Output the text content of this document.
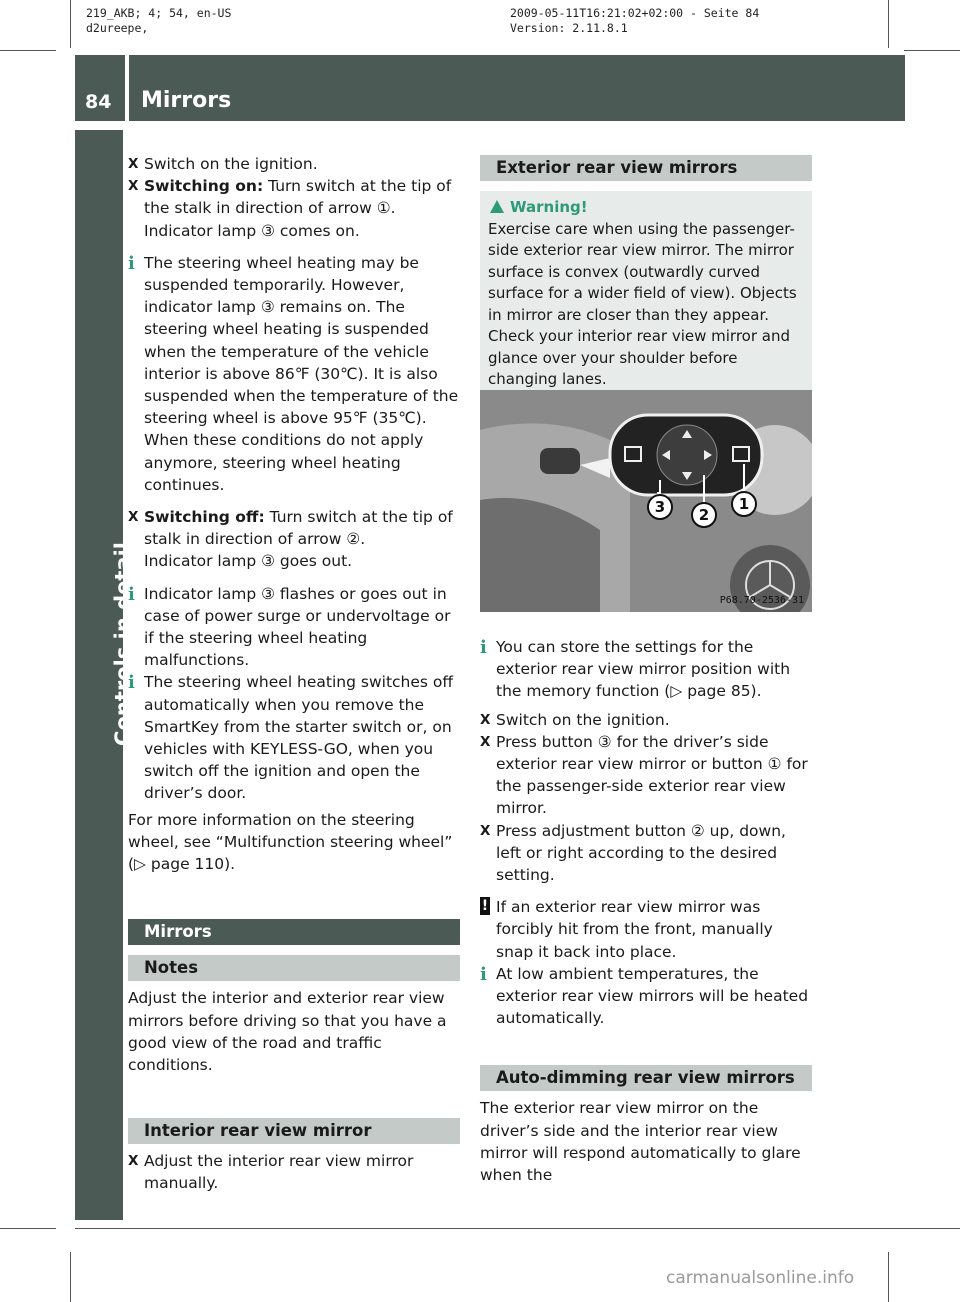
219_AKB; 4; 54, en-US
d2ureepe,
2009-05-11T16:21:02+02:00 - Seite 84
Version: 2.11.8.1
84 Mirrors
Controls in detail

X Switch on the ignition.

X Switching on: Turn switch at the tip of the stalk in direction of arrow ①.

Indicator lamp ③ comes on.

i The steering wheel heating may be suspended temporarily. However, indicator lamp ③ remains on. The steering wheel heating is suspended when the temperature of the vehicle interior is above 86℉ (30℃). It is also suspended when the temperature of the steering wheel is above 95℉ (35℃).

When these conditions do not apply anymore, steering wheel heating continues.

X Switching off: Turn switch at the tip of stalk in direction of arrow ②.

Indicator lamp ③ goes out.

i Indicator lamp ③ flashes or goes out in case of power surge or undervoltage or if the steering wheel heating malfunctions.

i The steering wheel heating switches off automatically when you remove the SmartKey from the starter switch or, on vehicles with KEYLESS-GO, when you switch off the ignition and open the driver’s door.

For more information on the steering wheel, see “Multifunction steering wheel” (▷ page 110).

Mirrors
Notes

Adjust the interior and exterior rear view mirrors before driving so that you have a good view of the road and traffic conditions.

Interior rear view mirror

X Adjust the interior rear view mirror manually.

Exterior rear view mirrors
Warning!
Exercise care when using the passenger-side exterior rear view mirror. The mirror surface is convex (outwardly curved surface for a wider field of view). Objects in mirror are closer than they appear. Check your interior rear view mirror and glance over your shoulder before changing lanes.
3 2
1
P68.70-2536-31

i You can store the settings for the exterior rear view mirror position with the memory function (▷ page 85).

X Switch on the ignition.

X Press button ③ for the driver’s side exterior rear view mirror or button ① for the passenger-side exterior rear view mirror.

X Press adjustment button ② up, down, left or right according to the desired setting.

! If an exterior rear view mirror was forcibly hit from the front, manually snap it back into place.

i At low ambient temperatures, the exterior rear view mirrors will be heated automatically.

Auto-dimming rear view mirrors

The exterior rear view mirror on the driver’s side and the interior rear view mirror will respond automatically to glare when the

carmanualsonline.info
